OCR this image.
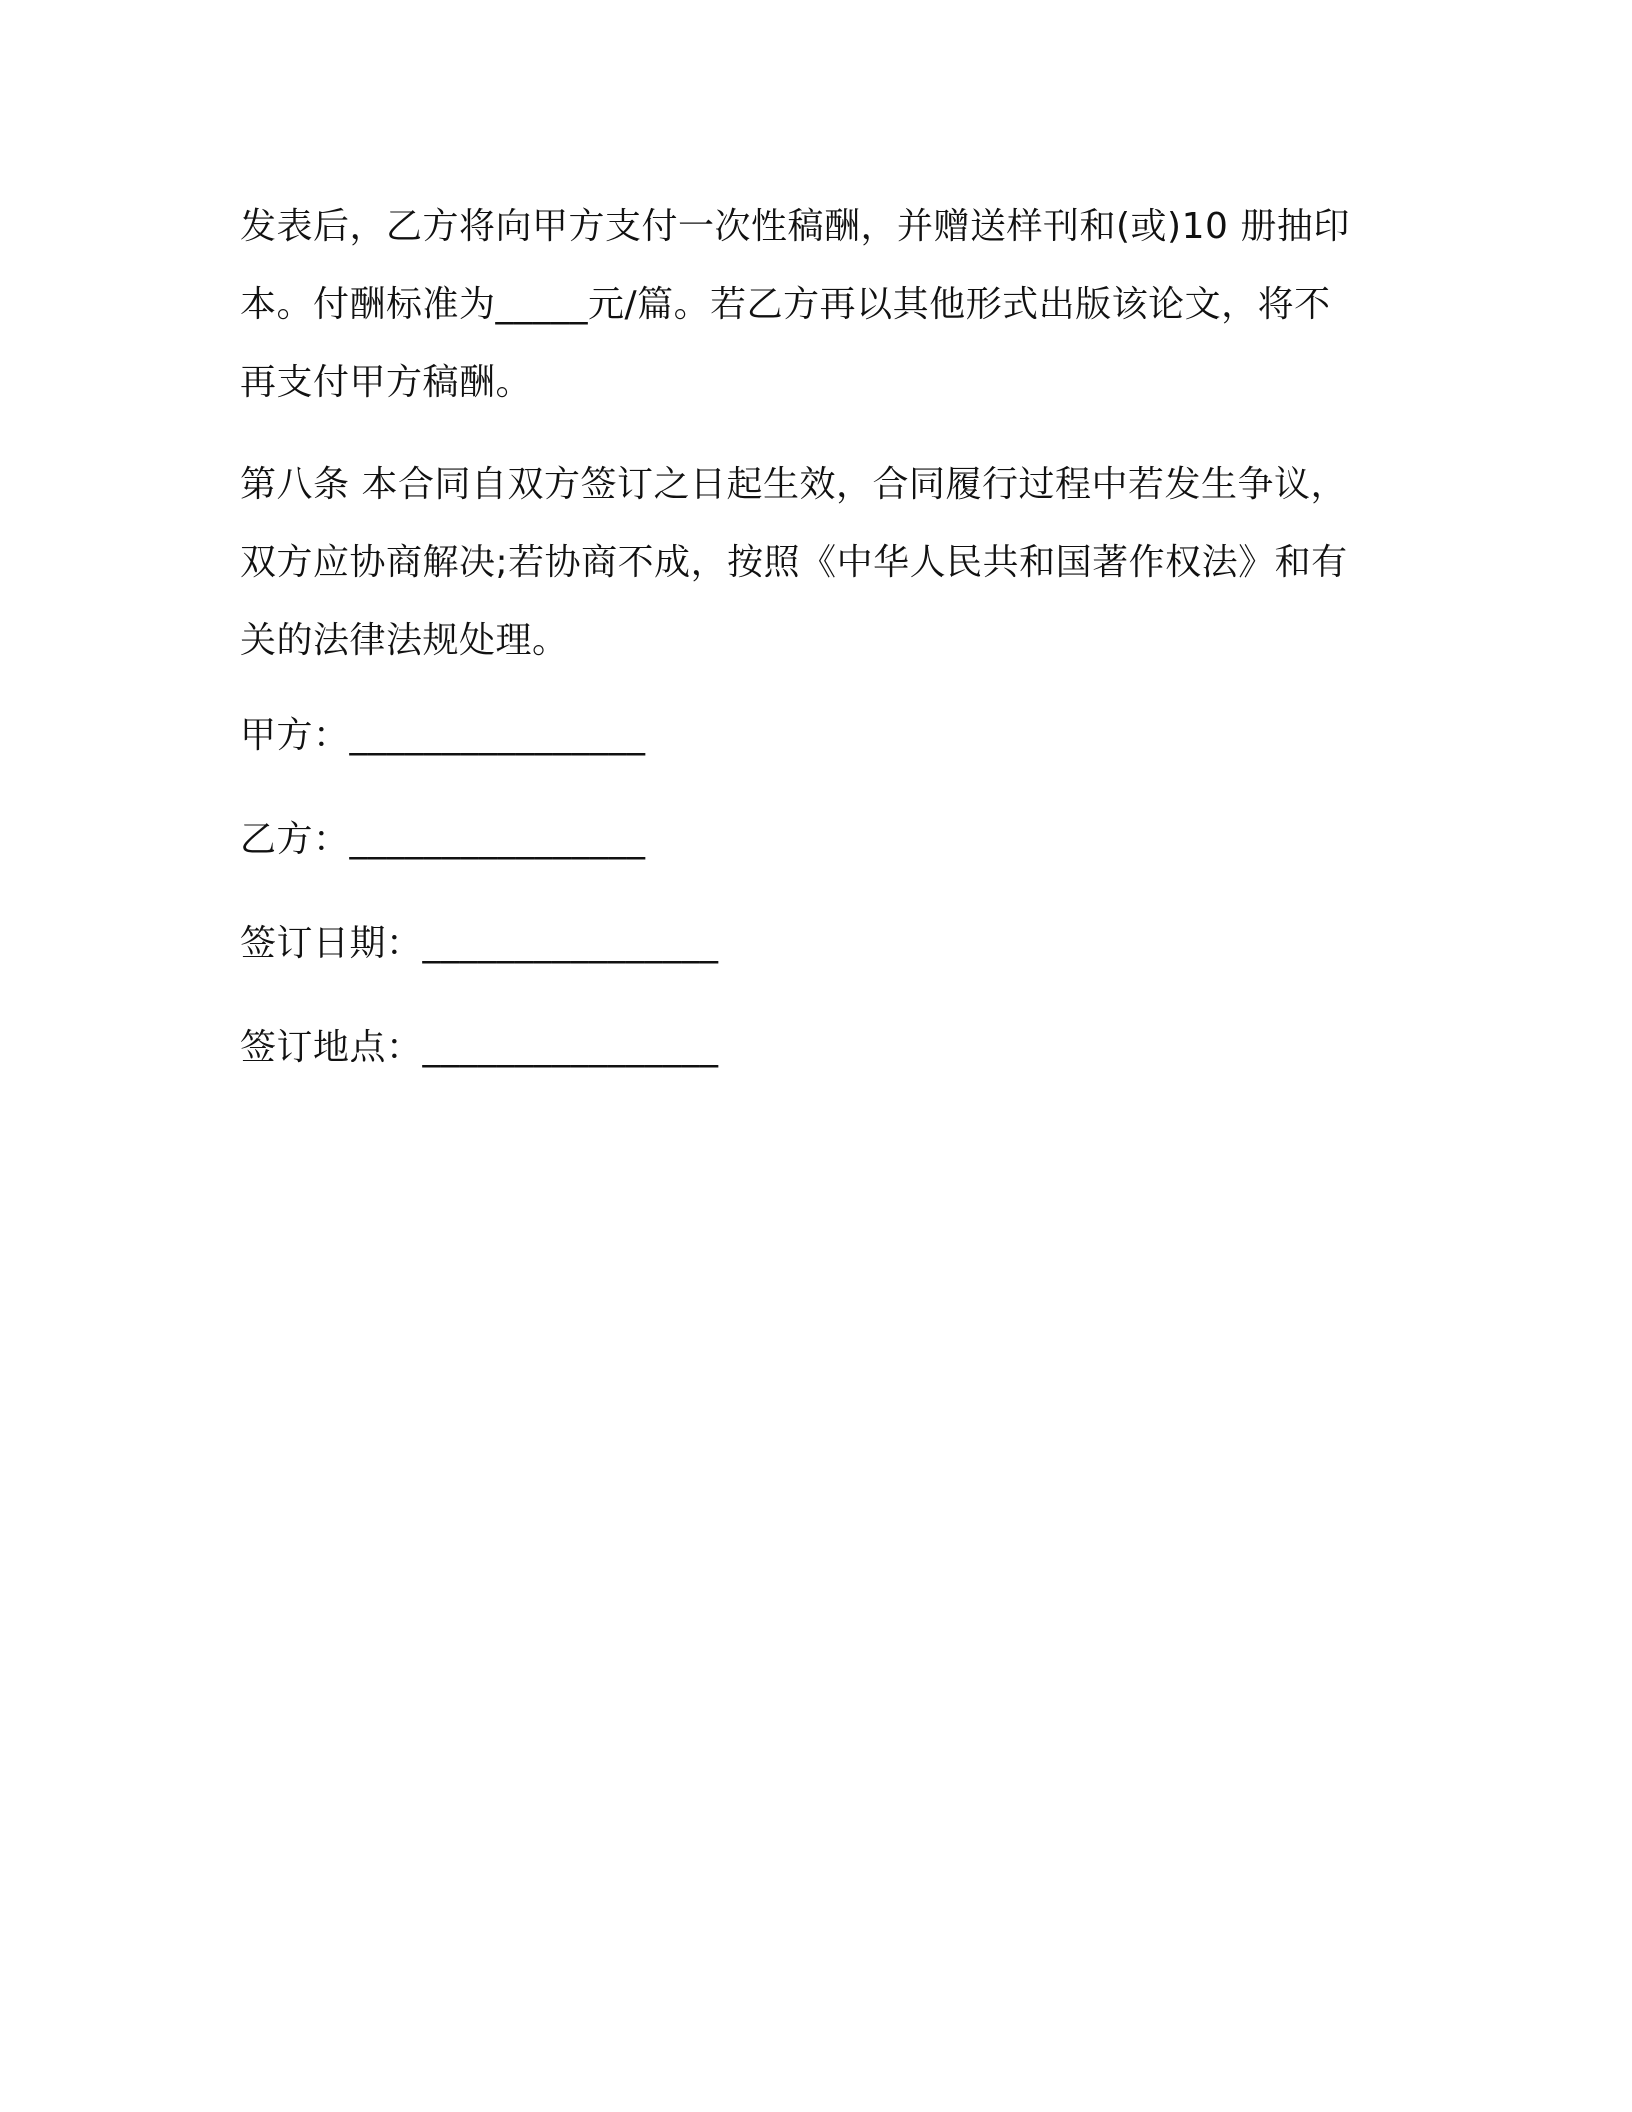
发表后，乙方将向甲方支付一次性稿酬，并赠送样刊和(或)10 册抽印

本。付酬标准为_____元/篇。若乙方再以其他形式出版该论文，将不

再支付甲方稿酬。

第八条 本合同自双方签订之日起生效，合同履行过程中若发生争议，

双方应协商解决;若协商不成，按照《中华人民共和国著作权法》和有

关的法律法规处理。

甲方：________________

乙方：________________

签订日期：________________

签订地点：________________
